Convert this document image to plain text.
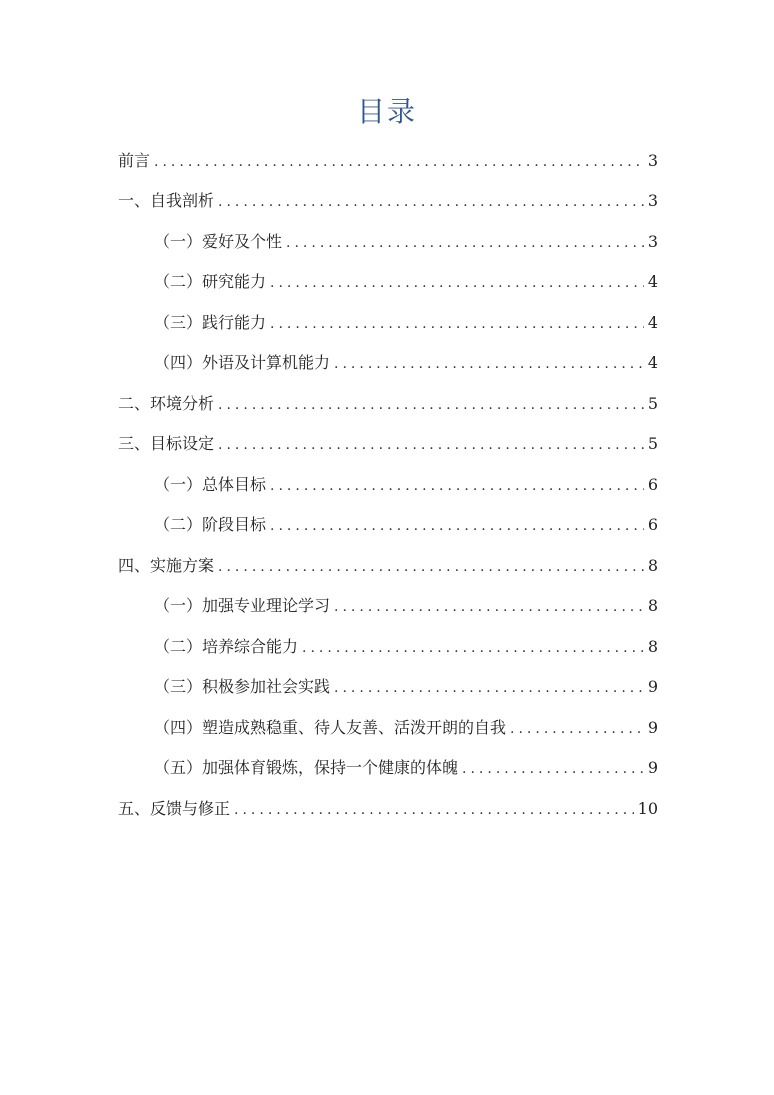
目录
前言 .....	3
一、自我剖析 .....	3
（一）爱好及个性 .....	3
（二）研究能力 .....	4
（三）践行能力 .....	4
（四）外语及计算机能力 .....	4
二、环境分析 .....	5
三、目标设定 .....	5
（一）总体目标 .....	6
（二）阶段目标 .....	6
四、实施方案 .....	8
（一）加强专业理论学习 .....	8
（二）培养综合能力 .....	8
（三）积极参加社会实践 .....	9
（四）塑造成熟稳重、待人友善、活泼开朗的自我 .....	9
（五）加强体育锻炼，保持一个健康的体魄 .....	9
五、反馈与修正 .....	10
